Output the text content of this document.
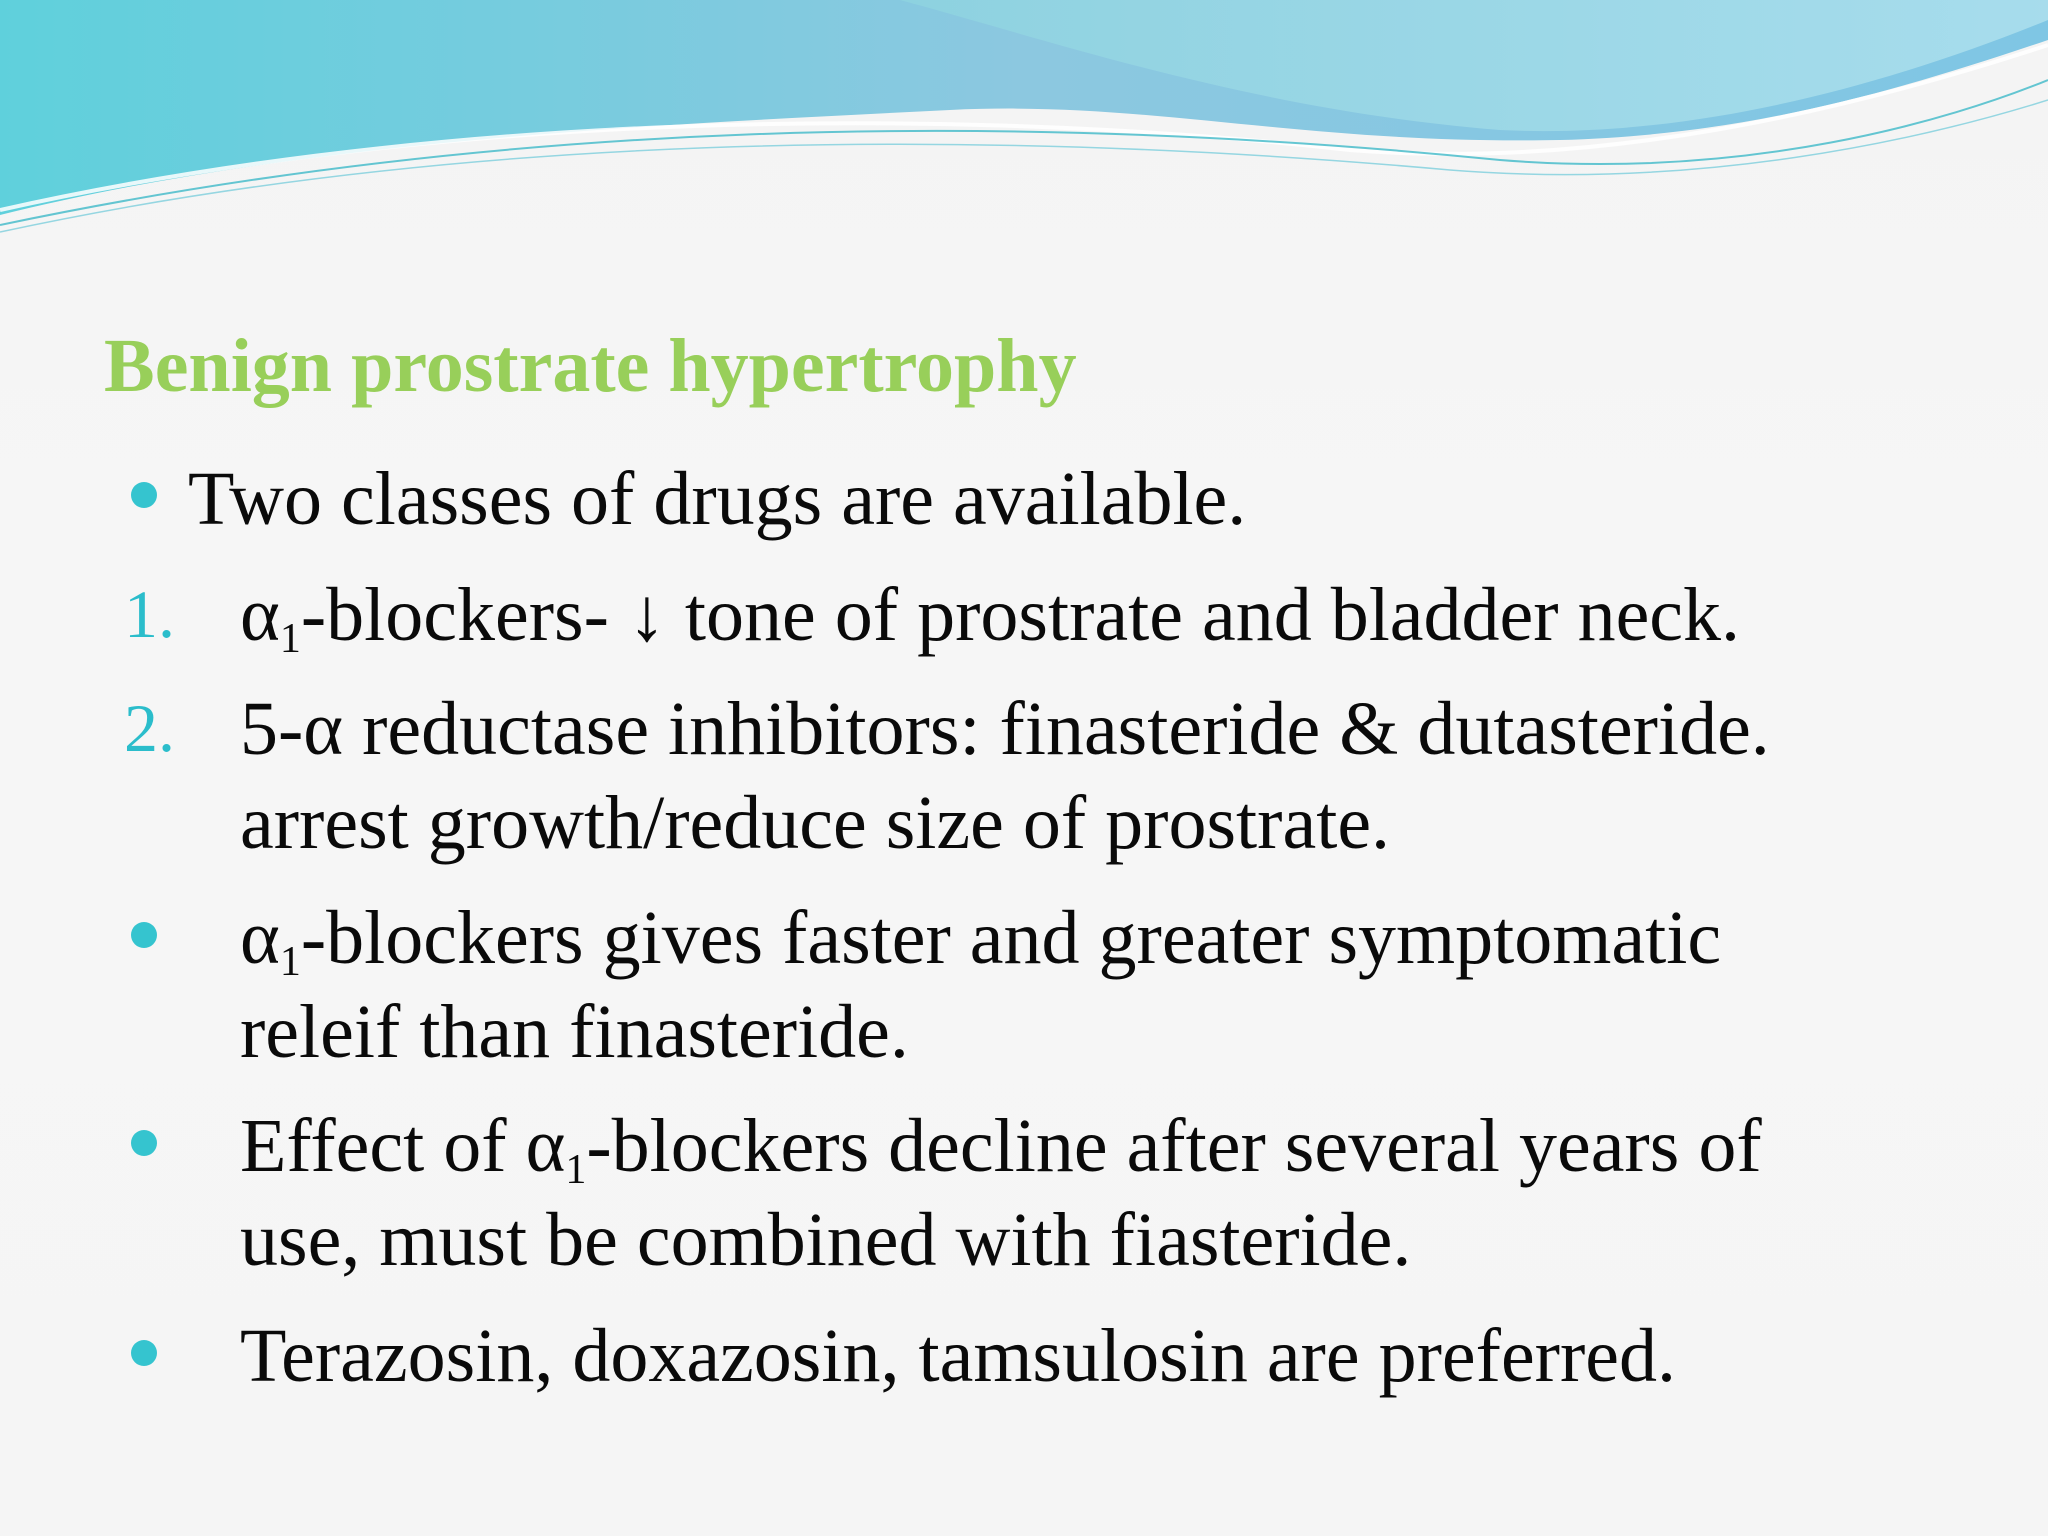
Benign prostrate hypertrophy
Two classes of drugs are available.
1. $\alpha_1-blockers-$ ↓ tone of prostrate and bladder neck.
2. 5-α reductase inhibitors: finasteride & dutasteride.
arrest growth/reduce size of prostrate.
$\alpha_1$-blockers gives faster and greater symptomatic
releif than finasteride.
Effect of $\alpha_1$-blockers decline after several years of
use, must be combined with fiasteride.
Terazosin, doxazosin, tamsulosin are preferred.
